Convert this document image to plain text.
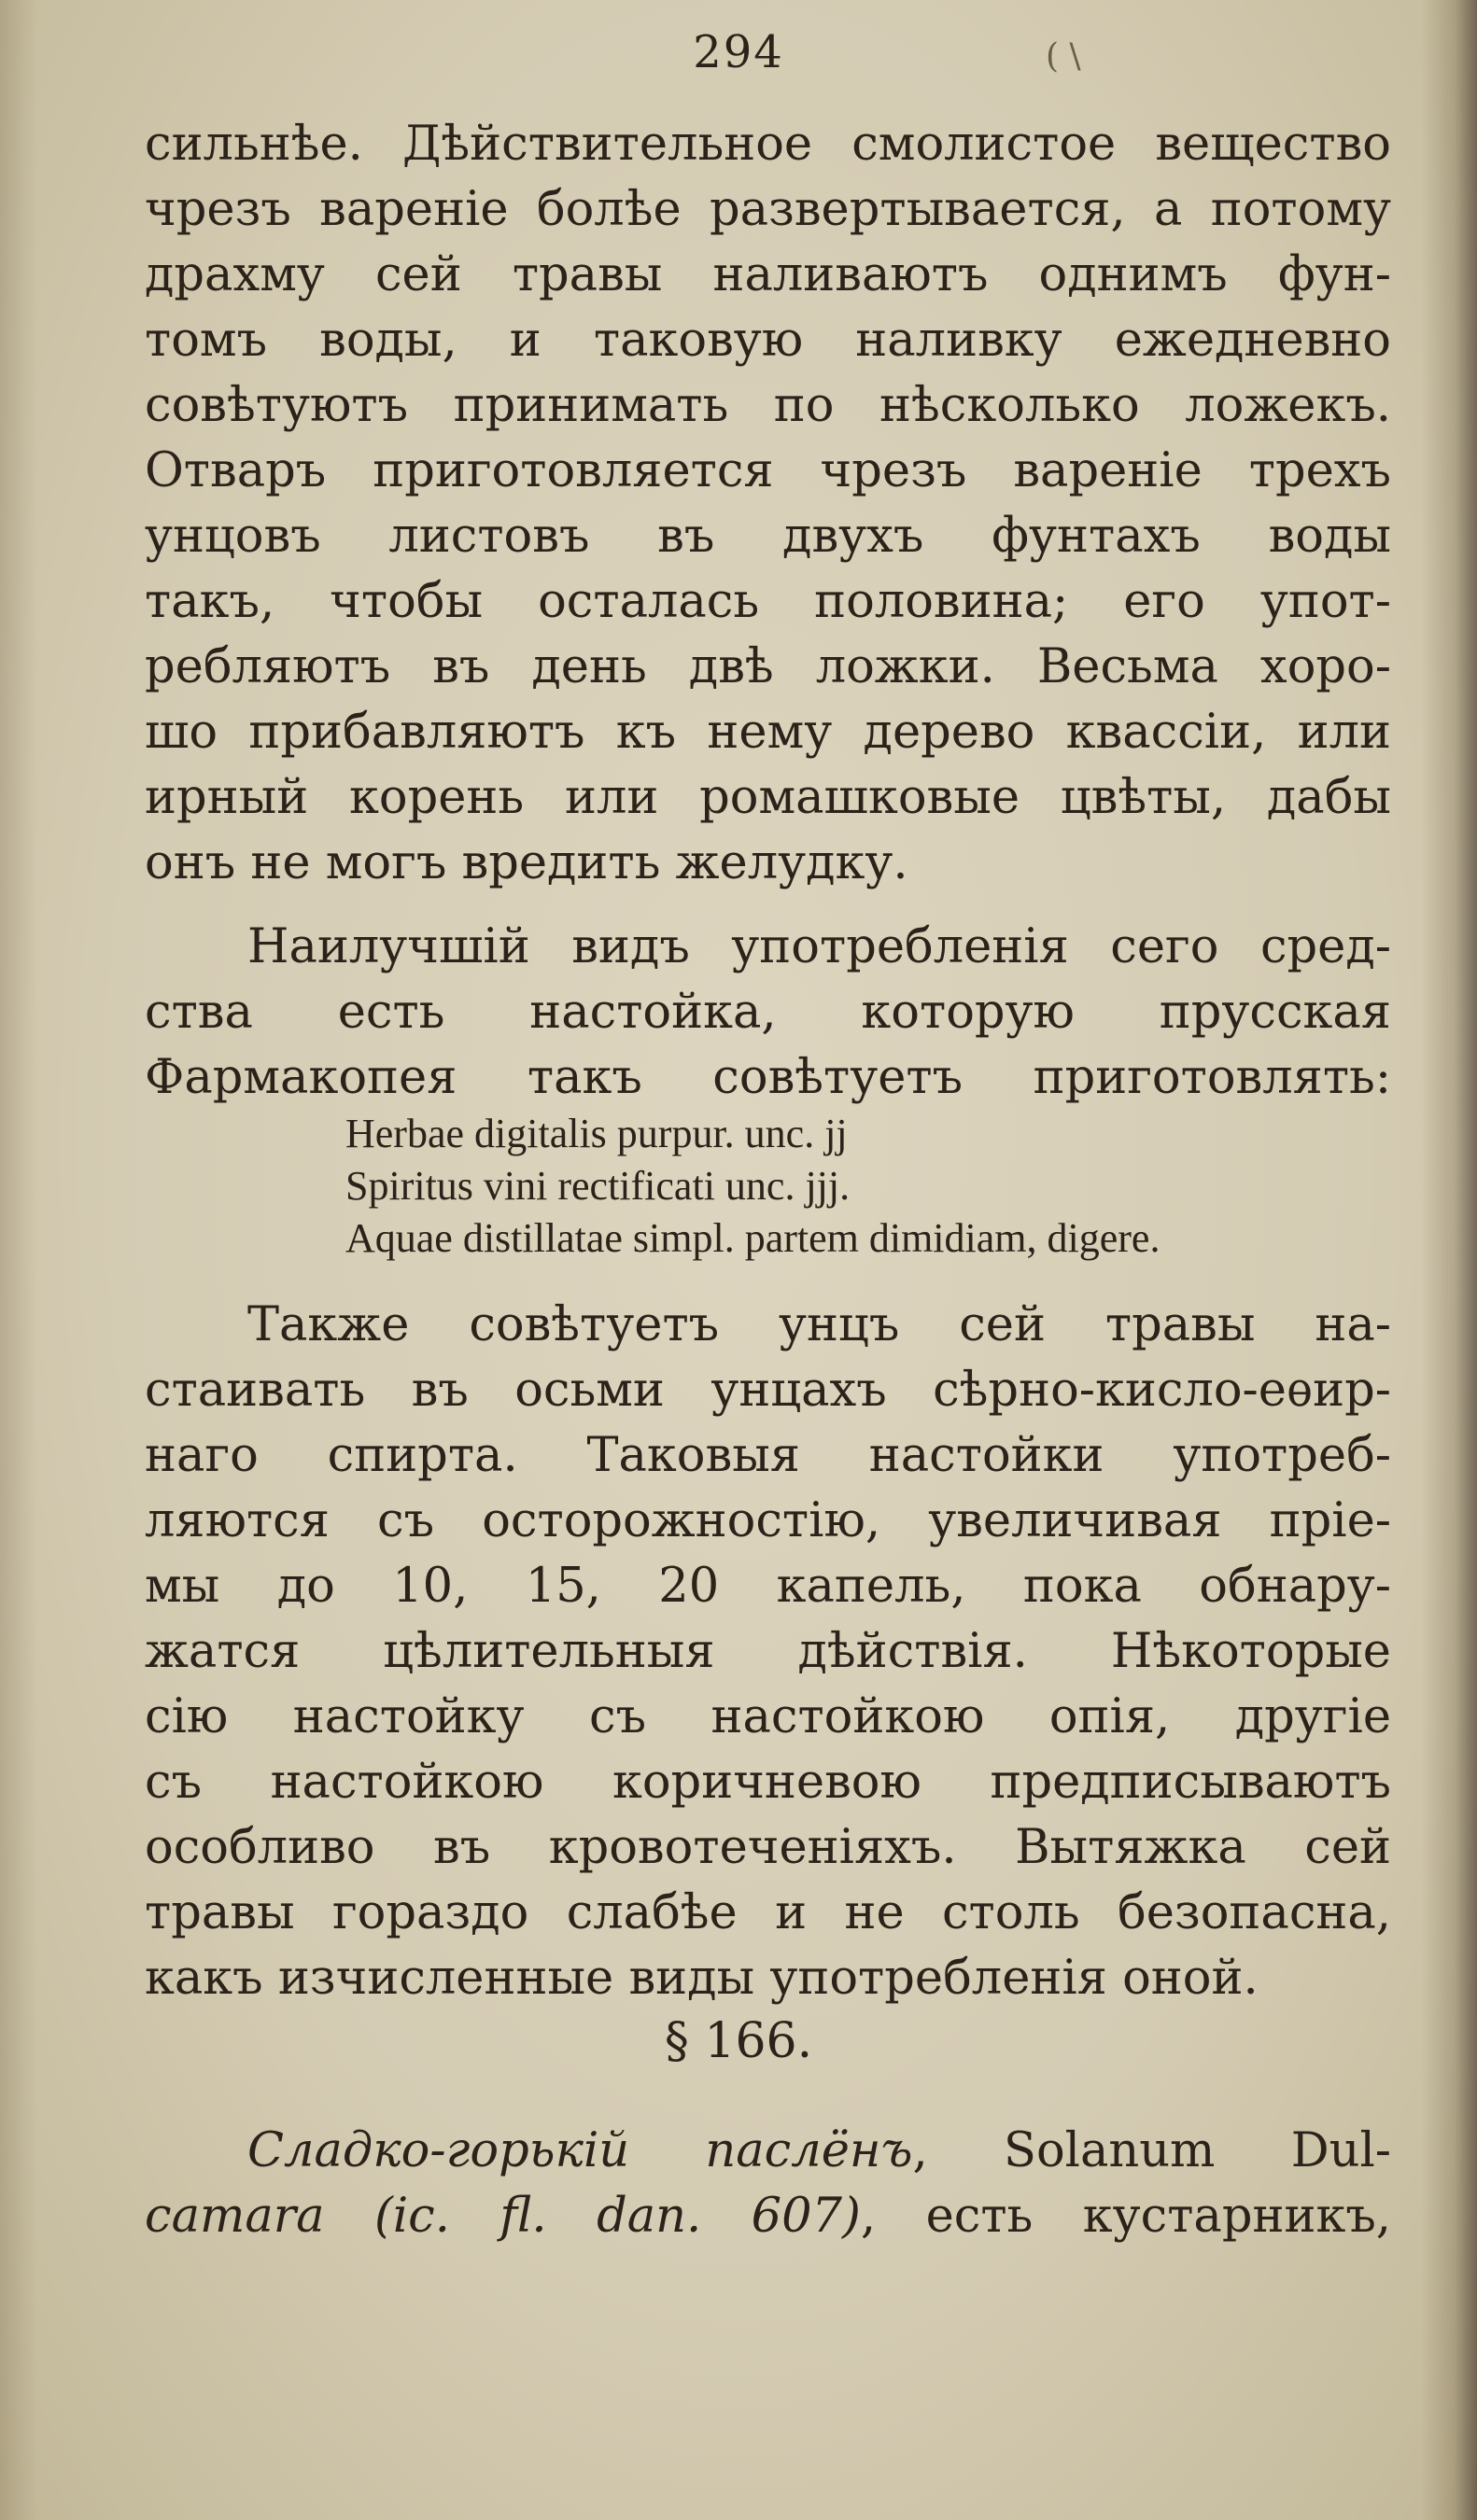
294	( \
сильнѣе. Дѣйствительное смолистое вещество
чрезъ вареніе болѣе развертывается, а потому
драхму сей травы наливаютъ однимъ фун-
томъ воды, и таковую наливку ежедневно
совѣтуютъ принимать по нѣсколько ложекъ.
Отваръ приготовляется чрезъ вареніе трехъ
унцовъ листовъ въ двухъ фунтахъ воды
такъ, чтобы осталась половина; его упот-
ребляютъ въ день двѣ ложки. Весьма хоро-
шо прибавляютъ къ нему дерево квассіи, или
ирный корень или ромашковые цвѣты, дабы
онъ не могъ вредить желудку.
Наилучшій видъ употребленія сего сред-
ства есть настойка, которую прусская
Фармакопея такъ совѣтуетъ приготовлять:
Herbae digitalis purpur. unc. jj
Spiritus vini rectificati unc. jjj.
Aquae distillatae simpl. partem dimidiam, digere.
Также совѣтуетъ унцъ сей травы на-
стаивать въ осьми унцахъ сѣрно-кисло-еѳир-
наго спирта. Таковыя настойки употреб-
ляются съ осторожностію, увеличивая пріе-
мы до 10, 15, 20 капель, пока обнару-
жатся цѣлительныя дѣйствія. Нѣкоторые
сію настойку съ настойкою опія, другіе
съ настойкою коричневою предписываютъ
особливо въ кровотеченіяхъ. Вытяжка сей
травы гораздо слабѣе и не столь безопасна,
какъ изчисленные виды употребленія оной.
§ 166.
Сладко-горькій паслёнъ, Solanum Dul-
camara (ic. fl. dan. 607), есть кустарникъ,
